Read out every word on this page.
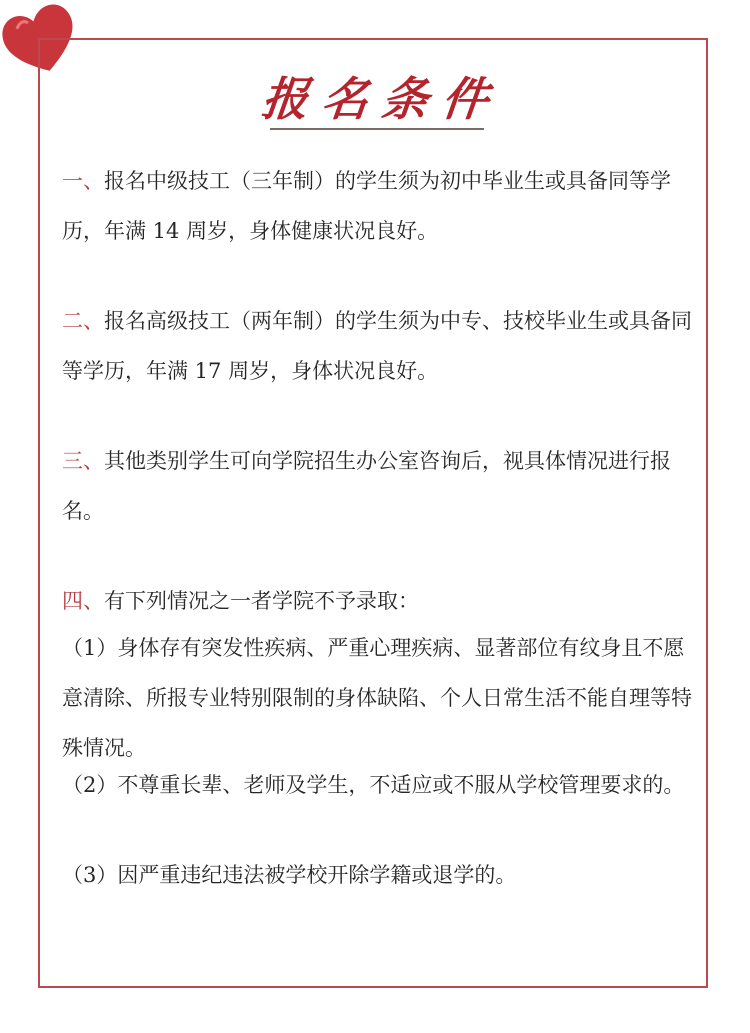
报名条件

一、报名中级技工（三年制）的学生须为初中毕业生或具备同等学历，年满 14 周岁，身体健康状况良好。

二、报名高级技工（两年制）的学生须为中专、技校毕业生或具备同等学历，年满 17 周岁，身体状况良好。

三、其他类别学生可向学院招生办公室咨询后，视具体情况进行报名。

四、有下列情况之一者学院不予录取：

（1）身体存有突发性疾病、严重心理疾病、显著部位有纹身且不愿意清除、所报专业特别限制的身体缺陷、个人日常生活不能自理等特殊情况。

（2）不尊重长辈、老师及学生，不适应或不服从学校管理要求的。

（3）因严重违纪违法被学校开除学籍或退学的。
